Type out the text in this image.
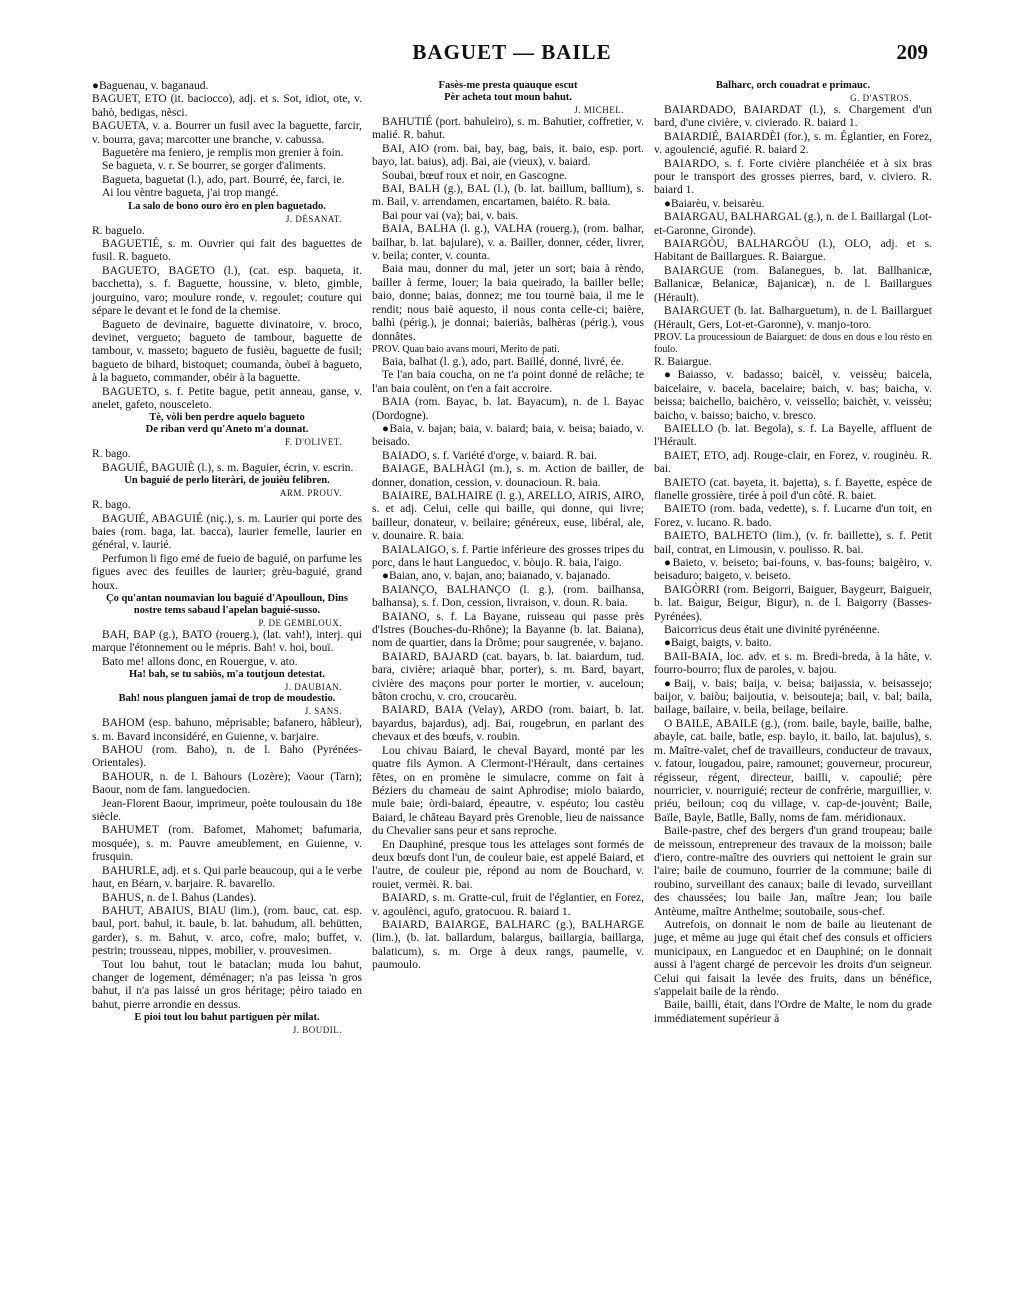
BAGUET — BAILE	209

●Baguenau, v. baganaud.

BAGUET, ETO (it. baciocco), adj. et s. Sot, idiot, ote, v. bahò, bedigas, nèsci.

BAGUETA, v. a. Bourrer un fusil avec la baguette, farcir, v. bourra, gava; marcotter une branche, v. cabussa.

Baguetère ma feniero, je remplis mon grenier à foin.

Se bagueta, v. r. Se bourrer, se gorger d'aliments.

Bagueta, baguetat (l.), ado, part. Bourré, ée, farci, ie.

Ai lou vèntre bagueta, j'ai trop mangé.

La salo de bono ouro èro en plen baguetado.

J. DÉSANAT.

R. baguelo.

BAGUETIÉ, s. m. Ouvrier qui fait des baguettes de fusil. R. bagueto.

BAGUETO, BAGETO (l.), (cat. esp. baqueta, it. bacchetta), s. f. Baguette, houssine, v. bleto, gimble, jourguino, varo; moulure ronde, v. regoulet; couture qui sépare le devant et le fond de la chemise.

Bagueto de devinaire, baguette divinatoire, v. broco, devinet, vergueto; bagueto de tambour, baguette de tambour, v. masseto; bagueto de fusièu, baguette de fusil; bagueto de bihard, bistoquet; coumanda, òubeï à bagueto, à la bagueto, commander, obéir à la baguette.

BAGUETO, s. f. Petite bague, petit anneau, ganse, v. anelet, gafeto, nousceleto.

Tè, vòli ben perdre aquelo bagueto

De riban verd qu'Aneto m'a dounat.

F. D'OLIVET.

R. bago.

BAGUIÉ, BAGUIÈ (l.), s. m. Baguier, écrin, v. escrin.

Un baguié de perlo literàri, de jouièu felibren.

ARM. PROUV.

R. bago.

BAGUIÉ, ABAGUIÉ (niç.), s. m. Laurier qui porte des baies (rom. baga, lat. bacca), laurier femelle, laurier en général, v. laurié.

Perfumon li figo emé de fueio de baguié, on parfume les figues avec des feuilles de laurier; grèu-baguié, grand houx.

Ço qu'antan noumavian lou baguié d'Apoulloun, Dins nostre tems sabaud l'apelan baguié-susso.

P. DE GEMBLOUX.

BAH, BAP (g.), BATO (rouerg.), (lat. vah!), interj. qui marque l'étonnement ou le mépris. Bah! v. hoi, bouï.

Bato me! allons donc, en Rouergue, v. ato.

Ha! bah, se tu sabiòs, m'a toutjoun detestat.

J. DAUBIAN.

Bah! nous planguen jamai de trop de moudestio.

J. SANS.

BAHOM (esp. bahuno, méprisable; bafanero, hâbleur), s. m. Bavard inconsidéré, en Guienne, v. barjaire.

BAHOU (rom. Baho), n. de l. Baho (Pyrénées-Orientales).

BAHOUR, n. de l. Bahours (Lozère); Vaour (Tarn); Baour, nom de fam. languedocien.

Jean-Florent Baour, imprimeur, poète toulousain du 18e siècle.

BAHUMET (rom. Bafomet, Mahomet; bafumaria, mosquée), s. m. Pauvre ameublement, en Guienne, v. frusquin.

BAHURLE, adj. et s. Qui parle beaucoup, qui a le verbe haut, en Béarn, v. barjaire. R. bavarello.

BAHUS, n. de l. Bahus (Landes).

BAHUT, ABAIUS, BIAU (lim.), (rom. bauc, cat. esp. baul, port. bahul, it. baule, b. lat. bahudum, all. behütten, garder), s. m. Bahut, v. arco, cofre, malo; buffet, v. pestrin; trousseau, nippes, mobilier, v. prouvesimen.

Tout lou bahut, tout le bataclan; muda lou bahut, changer de logement, déménager; n'a pas leissa 'n gros bahut, il n'a pas laissé un gros héritage; pèiro taiado en bahut, pierre arrondie en dessus.

E pioi tout lou bahut partiguen pèr milat.

J. BOUDIL.

Fasès-me presta quauque escut

Pèr acheta tout moun bahut.

J. MICHEL.

BAHUTIÉ (port. bahuleiro), s. m. Bahutier, coffretier, v. malié. R. bahut.

BAI, AIO (rom. bai, bay, bag, bais, it. baio, esp. port. bayo, lat. baius), adj. Bai, aie (vieux), v. baiard.

Soubai, bœuf roux et noir, en Gascogne.

BAI, BALH (g.), BAL (l.), (b. lat. baillum, ballium), s. m. Bail, v. arrendamen, encartamen, baiéto. R. baia.

Bai pour vai (va); bai, v. bais.

BAIA, BALHA (l. g.), VALHA (rouerg.), (rom. balhar, bailhar, b. lat. bajulare), v. a. Bailler, donner, céder, livrer, v. beila; conter, v. counta.

Baia mau, donner du mal, jeter un sort; baia à rèndo, bailler à ferme, louer; la baia queirado, la bailler belle; baio, donne; baias, donnez; me tou tournè baia, il me le rendit; nous baiè aquesto, il nous conta celle-ci; baière, balhì (périg.), je donnai; baieriàs, balhèras (périg.), vous donnâtes.

PROV. Quau baio avans mouri, Merito de pati.

Baia, balhat (l. g.), ado, part. Baillé, donné, livré, ée.

Te l'an baia coucha, on ne t'a point donné de relâche; te l'an baia coulènt, on t'en a fait accroire.

BAIA (rom. Bayac, b. lat. Bayacum), n. de l. Bayac (Dordogne).

●Baia, v. bajan; baia, v. baiard; baia, v. beisa; baiado, v. beisado.

BAIADO, s. f. Variété d'orge, v. baiard. R. bai.

BAIAGE, BALHÀGI (m.), s. m. Action de bailler, de donner, donation, cession, v. dounacioun. R. baia.

BAIAIRE, BALHAIRE (l. g.), ARELLO, AIRIS, AIRO, s. et adj. Celui, celle qui baille, qui donne, qui livre; bailleur, donateur, v. beilaire; généreux, euse, libéral, ale, v. dounaire. R. baia.

BAIALAIGO, s. f. Partie inférieure des grosses tripes du porc, dans le haut Languedoc, v. bòujo. R. baia, l'aigo.

●Baian, ano, v. bajan, ano; baianado, v. bajanado.

BAIANÇO, BALHANÇO (l. g.), (rom. bailhansa, balhansa), s. f. Don, cession, livraison, v. doun. R. baia.

BAIANO, s. f. La Bayane, ruisseau qui passe près d'Istres (Bouches-du-Rhône); la Bayanne (b. lat. Baiana), nom de quartier, dans la Drôme; pour saugrenée, v. bajano.

BAIARD, BAJARD (cat. bayars, b. lat. baiardum, tud. bara, civière; ariaquè bhar, porter), s. m. Bard, bayart, civière des maçons pour porter le mortier, v. auceloun; bâton crochu, v. cro, croucarèu.

BAIARD, BAIA (Velay), ARDO (rom. baiart, b. lat. bayardus, bajardus), adj. Bai, rougebrun, en parlant des chevaux et des bœufs, v. roubin.

Lou chivau Baiard, le cheval Bayard, monté par les quatre fils Aymon. A Clermont-l'Hérault, dans certaines fêtes, on en promène le simulacre, comme on fait à Béziers du chameau de saint Aphrodise; miolo baiardo, mule baie; òrdi-baiard, épeautre, v. espéuto; lou castèu Baiard, le château Bayard près Grenoble, lieu de naissance du Chevalier sans peur et sans reproche.

En Dauphiné, presque tous les attelages sont formés de deux bœufs dont l'un, de couleur baie, est appelé Baiard, et l'autre, de couleur pie, répond au nom de Bouchard, v. rouiet, vermèi. R. bai.

BAIARD, s. m. Gratte-cul, fruit de l'églantier, en Forez, v. agoulènci, agufo, gratocuou. R. baiard 1.

BAIARD, BAIARGE, BALHARC (g.), BALHARGE (lim.), (b. lat. ballardum, balargus, baillargia, baillarga, balaticum), s. m. Orge à deux rangs, paumelle, v. paumoulo.

Balharc, orch couadrat e primauc.

G. D'ASTROS.

BAIARDADO, BAIARDAT (l.), s. Chargement d'un bard, d'une civière, v. civierado. R. baiard 1.

BAIARDIÉ, BAIARDÈI (for.), s. m. Églantier, en Forez, v. agoulencié, agufié. R. baiard 2.

BAIARDO, s. f. Forte civière planchéiée et à six bras pour le transport des grosses pierres, bard, v. civiero. R. baiard 1.

●Baiarèu, v. beisarèu.

BAIARGAU, BALHARGAL (g.), n. de l. Baillargal (Lot-et-Garonne, Gironde).

BAIARGÒU, BALHARGÒU (l.), OLO, adj. et s. Habitant de Baillargues. R. Baiargue.

BAIARGUE (rom. Balanegues, b. lat. Ballhanicæ, Ballanicæ, Belanicæ, Bajanicæ), n. de l. Baillargues (Hérault).

BAIARGUET (b. lat. Balharguetum), n. de l. Baillarguet (Hérault, Gers, Lot-et-Garonne), v. manjo-toro.

PROV. La proucessioun de Baiarguet: de dous en dous e lou rèsto en foulo.

R. Baiargue.

●Baiasso, v. badasso; baicèl, v. veissèu; baicela, baicelaire, v. bacela, bacelaire; baich, v. bas; baicha, v. beissa; baichello, baichèro, v. veissello; baichèt, v. veissèu; baicho, v. baisso; baicho, v. bresco.

BAIELLO (b. lat. Begola), s. f. La Bayelle, affluent de l'Hérault.

BAIET, ETO, adj. Rouge-clair, en Forez, v. rouginèu. R. bai.

BAIETO (cat. bayeta, it. bajetta), s. f. Bayette, espèce de flanelle grossière, tirée à poil d'un côté. R. baiet.

BAIETO (rom. bada, vedette), s. f. Lucarne d'un toit, en Forez, v. lucano. R. bado.

BAIETO, BALHETO (lim.), (v. fr. baillette), s. f. Petit bail, contrat, en Limousin, v. poulisso. R. bai.

●Baieto, v. beiseto; bai-founs, v. bas-founs; baigèiro, v. beisaduro; baigeto, v. beiseto.

BAIGÒRRI (rom. Beigorri, Baiguer, Baygeurr, Baigueir, b. lat. Baigur, Beigur, Bigur), n. de l. Baigorry (Basses-Pyrénées).

Baicorricus deus était une divinité pyrénéenne.

●Baigt, baigts, v. baito.

BAII-BAIA, loc. adv. et s. m. Bredi-breda, à la hâte, v. fourro-bourro; flux de paroles, v. bajou.

●Baij, v. bais; baija, v. beisa; baijassia, v. beisassejo; baijor, v. baiòu; baijoutia, v. beisouteja; bail, v. bal; baila, bailage, bailaire, v. beila, beilage, beilaire.

O BAILE, ABAILE (g.), (rom. baile, bayle, baille, balhe, abayle, cat. baile, batle, esp. baylo, it. bailo, lat. bajulus), s. m. Maître-valet, chef de travailleurs, conducteur de travaux, v. fatour, lougadou, paire, ramounet; gouverneur, procureur, régisseur, régent, directeur, bailli, v. capoulié; père nourricier, v. nourriguié; recteur de confrérie, marguillier, v. priéu, beiloun; coq du village, v. cap-de-jouvènt; Baile, Baïle, Bayle, Batlle, Bally, noms de fam. méridionaux.

Baile-pastre, chef des bergers d'un grand troupeau; baile de meissoun, entrepreneur des travaux de la moisson; baile d'iero, contre-maître des ouvriers qui nettoient le grain sur l'aire; baile de coumuno, fourrier de la commune; baile di roubino, surveillant des canaux; baile di levado, surveillant des chaussées; lou baile Jan, maître Jean; lou baile Antèume, maître Anthelme; soutobaile, sous-chef.

Autrefois, on donnait le nom de baile au lieutenant de juge, et même au juge qui était chef des consuls et officiers municipaux, en Languedoc et en Dauphiné; on le donnait aussi à l'agent chargé de percevoir les droits d'un seigneur. Celui qui faisait la levée des fruits, dans un bénéfice, s'appelait baile de la rèndo.

Baile, bailli, était, dans l'Ordre de Malte, le nom du grade immédiatement supérieur à
